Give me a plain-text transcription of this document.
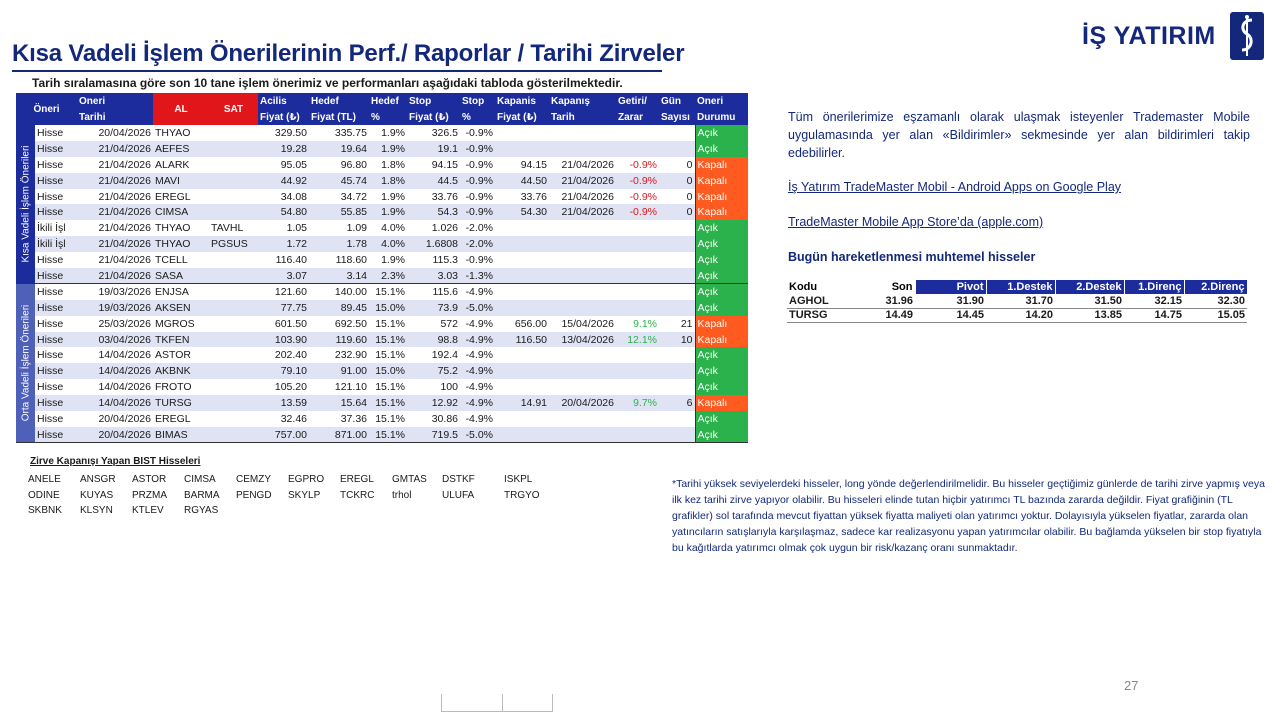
Kısa Vadeli İşlem Önerilerinin Perf./ Raporlar / Tarihi Zirveler
Tarih sıralamasına göre son 10 tane işlem önerimiz ve performanları aşağıdaki tabloda gösterilmektedir.
İŞ YATIRIM
Öneri		Oneri	AL	SAT	Acilis	Hedef	Hedef	Stop	Stop	Kapanis	Kapanış	Getiri/	Gün	Oneri
		Tarihi			Fiyat (₺)	Fiyat (TL)	%	Fiyat (₺)	%	Fiyat (₺)	Tarih	Zarar	Sayısı	Durumu

Kısa Vadeli İşlem Önerileri	Hisse	20/04/2026	THYAO		329.50	335.75	1.9%	326.5	-0.9%					Açık
	Hisse	21/04/2026	AEFES		19.28	19.64	1.9%	19.1	-0.9%					Açık
	Hisse	21/04/2026	ALARK		95.05	96.80	1.8%	94.15	-0.9%	94.15	21/04/2026	-0.9%	0	Kapalı
	Hisse	21/04/2026	MAVI		44.92	45.74	1.8%	44.5	-0.9%	44.50	21/04/2026	-0.9%	0	Kapalı
	Hisse	21/04/2026	EREGL		34.08	34.72	1.9%	33.76	-0.9%	33.76	21/04/2026	-0.9%	0	Kapalı
	Hisse	21/04/2026	CIMSA		54.80	55.85	1.9%	54.3	-0.9%	54.30	21/04/2026	-0.9%	0	Kapalı
	İkili İşl	21/04/2026	THYAO	TAVHL	1.05	1.09	4.0%	1.026	-2.0%					Açık
	İkili İşl	21/04/2026	THYAO	PGSUS	1.72	1.78	4.0%	1.6808	-2.0%					Açık
	Hisse	21/04/2026	TCELL		116.40	118.60	1.9%	115.3	-0.9%					Açık
	Hisse	21/04/2026	SASA		3.07	3.14	2.3%	3.03	-1.3%					Açık

Orta Vadeli İşlem Önerileri	Hisse	19/03/2026	ENJSA		121.60	140.00	15.1%	115.6	-4.9%					Açık
	Hisse	19/03/2026	AKSEN		77.75	89.45	15.0%	73.9	-5.0%					Açık
	Hisse	25/03/2026	MGROS		601.50	692.50	15.1%	572	-4.9%	656.00	15/04/2026	9.1%	21	Kapalı
	Hisse	03/04/2026	TKFEN		103.90	119.60	15.1%	98.8	-4.9%	116.50	13/04/2026	12.1%	10	Kapalı
	Hisse	14/04/2026	ASTOR		202.40	232.90	15.1%	192.4	-4.9%					Açık
	Hisse	14/04/2026	AKBNK		79.10	91.00	15.0%	75.2	-4.9%					Açık
	Hisse	14/04/2026	FROTO		105.20	121.10	15.1%	100	-4.9%					Açık
	Hisse	14/04/2026	TURSG		13.59	15.64	15.1%	12.92	-4.9%	14.91	20/04/2026	9.7%	6	Kapalı
	Hisse	20/04/2026	EREGL		32.46	37.36	15.1%	30.86	-4.9%					Açık
	Hisse	20/04/2026	BIMAS		757.00	871.00	15.1%	719.5	-5.0%					Açık
Tüm önerilerimize eşzamanlı olarak ulaşmak isteyenler Trademaster Mobile uygulamasında yer alan «Bildirimler» sekmesinde yer alan bildirimleri takip edebilirler.
İş Yatırım TradeMaster Mobil - Android Apps on Google Play
TradeMaster Mobile App Store’da (apple.com)
Bugün hareketlenmesi muhtemel hisseler
Kodu	Son	Pivot	1.Destek	2.Destek	1.Direnç	2.Direnç
AGHOL	31.96	31.90	31.70	31.50	32.15	32.30
TURSG	14.49	14.45	14.20	13.85	14.75	15.05
Zirve Kapanışı Yapan BIST Hisseleri
ANELE	ANSGR	ASTOR	CIMSA	CEMZY	EGPRO	EREGL	GMTAS	DSTKF	ISKPL
ODINE	KUYAS	PRZMA	BARMA	PENGD	SKYLP	TCKRC	trhol	ULUFA	TRGYO
SKBNK	KLSYN	KTLEV	RGYAS
*Tarihi yüksek seviyelerdeki hisseler, long yönde değerlendirilmelidir. Bu hisseler geçtiğimiz günlerde de tarihi zirve yapmış veya ilk kez tarihi zirve yapıyor olabilir. Bu hisseleri elinde tutan hiçbir yatırımcı TL bazında zararda değildir. Fiyat grafiğinin (TL grafikler) sol tarafında mevcut fiyattan yüksek fiyatta maliyeti olan yatırımcı yoktur. Dolayısıyla yükselen fiyatlar, zararda olan yatıncıların satışlarıyla karşılaşmaz, sadece kar realizasyonu yapan yatırımcılar olabilir. Bu bağlamda yükselen bir stop fiyatıyla bu kağıtlarda yatırımcı olmak çok uygun bir risk/kazanç oranı sunmaktadır.
27
